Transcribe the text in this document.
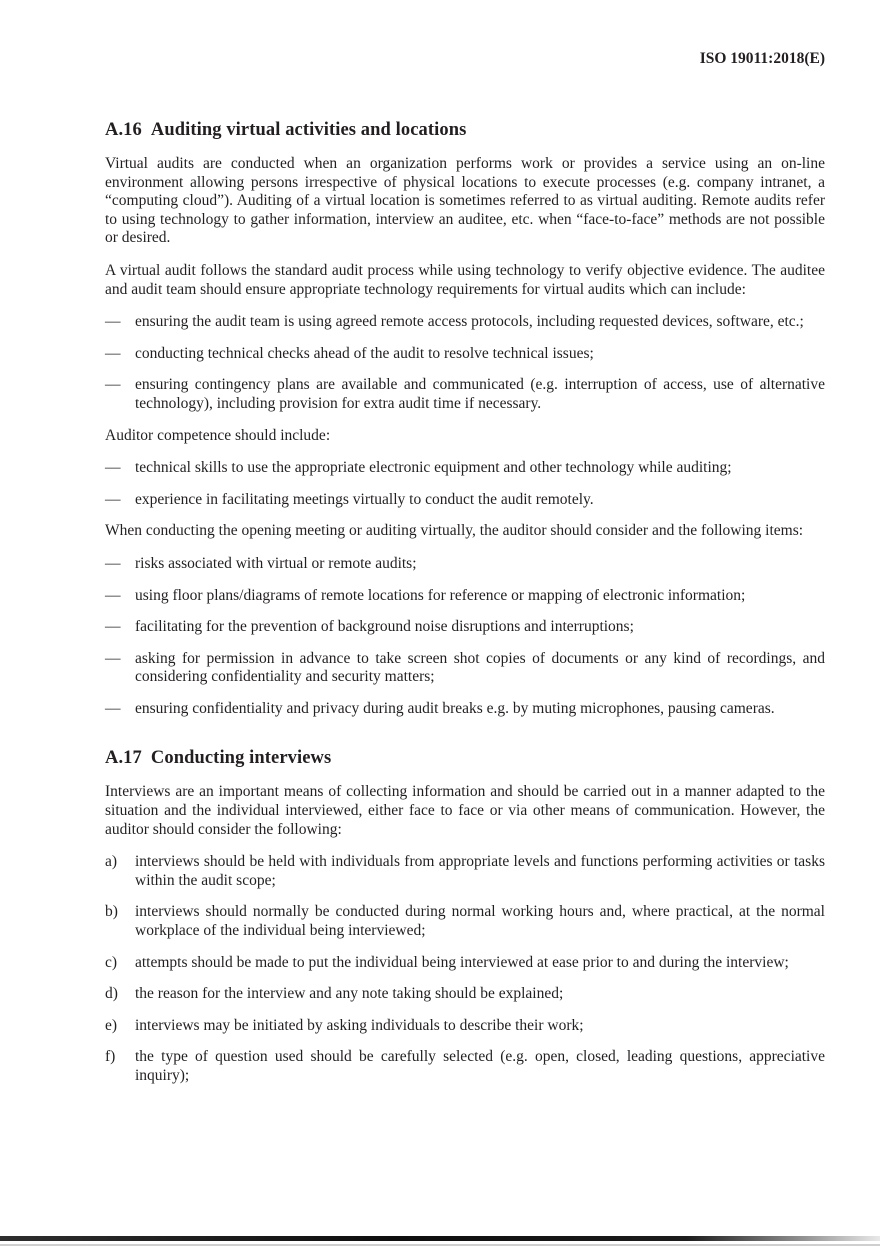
ISO 19011:2018(E)
A.16 Auditing virtual activities and locations

Virtual audits are conducted when an organization performs work or provides a service using an on-line environment allowing persons irrespective of physical locations to execute processes (e.g. company intranet, a “computing cloud”). Auditing of a virtual location is sometimes referred to as virtual auditing. Remote audits refer to using technology to gather information, interview an auditee, etc. when “face-to-face” methods are not possible or desired.

A virtual audit follows the standard audit process while using technology to verify objective evidence. The auditee and audit team should ensure appropriate technology requirements for virtual audits which can include:

— ensuring the audit team is using agreed remote access protocols, including requested devices, software, etc.;
— conducting technical checks ahead of the audit to resolve technical issues;
— ensuring contingency plans are available and communicated (e.g. interruption of access, use of alternative technology), including provision for extra audit time if necessary.

Auditor competence should include:

— technical skills to use the appropriate electronic equipment and other technology while auditing;
— experience in facilitating meetings virtually to conduct the audit remotely.

When conducting the opening meeting or auditing virtually, the auditor should consider and the following items:

— risks associated with virtual or remote audits;
— using floor plans/diagrams of remote locations for reference or mapping of electronic information;
— facilitating for the prevention of background noise disruptions and interruptions;
— asking for permission in advance to take screen shot copies of documents or any kind of recordings, and considering confidentiality and security matters;
— ensuring confidentiality and privacy during audit breaks e.g. by muting microphones, pausing cameras.
A.17 Conducting interviews

Interviews are an important means of collecting information and should be carried out in a manner adapted to the situation and the individual interviewed, either face to face or via other means of communication. However, the auditor should consider the following:

a)	interviews should be held with individuals from appropriate levels and functions performing activities or tasks within the audit scope;
b)	interviews should normally be conducted during normal working hours and, where practical, at the normal workplace of the individual being interviewed;
c)	attempts should be made to put the individual being interviewed at ease prior to and during the interview;
d)	the reason for the interview and any note taking should be explained;
e)	interviews may be initiated by asking individuals to describe their work;
f)	the type of question used should be carefully selected (e.g. open, closed, leading questions, appreciative inquiry);
